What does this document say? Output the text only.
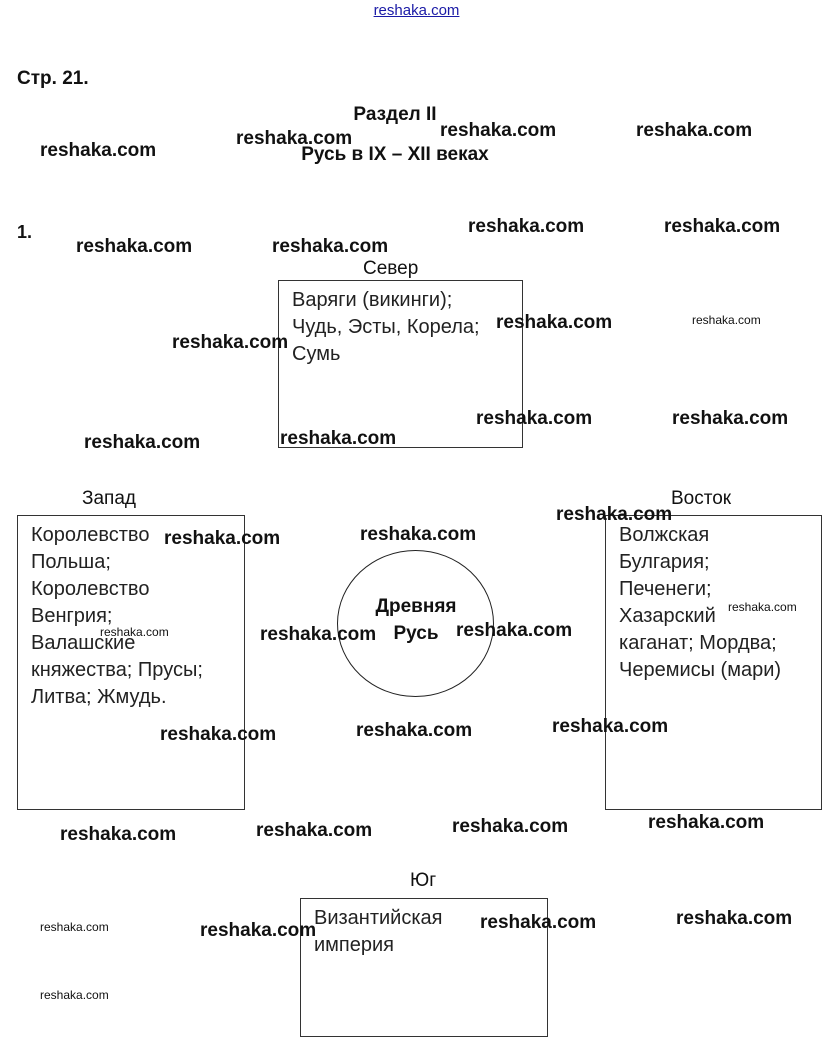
reshaka.com
Стр. 21.
Раздел II
Русь в IX – XII веках
1.
Север
Запад	Восток
Юг
Варяги (викинги);
Чудь, Эсты, Корела;
Сумь
Королевство
Польша;
Королевство
Венгрия;
Валашские
княжества; Прусы;
Литва; Жмудь.
Волжская
Булгария;
Печенеги;
Хазарский
каганат; Мордва;
Черемисы (мари)
Византийская
империя
Древняя
Русь
reshaka.com	reshaka.com	reshaka.com
reshaka.com
reshaka.com	reshaka.com
reshaka.com	reshaka.com
reshaka.com	reshaka.com
reshaka.com
reshaka.com	reshaka.com
reshaka.com
reshaka.com
reshaka.com
reshaka.com
reshaka.com
reshaka.com
reshaka.com
reshaka.com	reshaka.com
reshaka.com
reshaka.com
reshaka.com
reshaka.com
reshaka.com
reshaka.com
reshaka.com
reshaka.com
reshaka.com
reshaka.com
reshaka.com
reshaka.com
